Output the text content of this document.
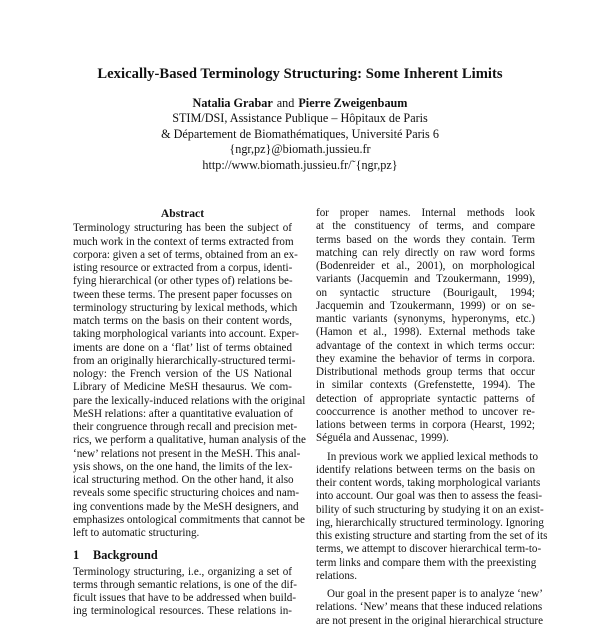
Lexically-Based Terminology Structuring: Some Inherent Limits
Natalia Grabar and Pierre Zweigenbaum
STIM/DSI, Assistance Publique – Hôpitaux de Paris
& Département de Biomathématiques, Université Paris 6
{ngr,pz}@biomath.jussieu.fr
http://www.biomath.jussieu.fr/˜{ngr,pz}
Abstract
Terminology structuring has been the subject of
much work in the context of terms extracted from
corpora: given a set of terms, obtained from an ex-
isting resource or extracted from a corpus, identi-
fying hierarchical (or other types of) relations be-
tween these terms. The present paper focusses on
terminology structuring by lexical methods, which
match terms on the basis on their content words,
taking morphological variants into account. Exper-
iments are done on a ‘flat’ list of terms obtained
from an originally hierarchically-structured termi-
nology: the French version of the US National
Library of Medicine MeSH thesaurus. We com-
pare the lexically-induced relations with the original
MeSH relations: after a quantitative evaluation of
their congruence through recall and precision met-
rics, we perform a qualitative, human analysis of the
‘new’ relations not present in the MeSH. This anal-
ysis shows, on the one hand, the limits of the lex-
ical structuring method. On the other hand, it also
reveals some specific structuring choices and nam-
ing conventions made by the MeSH designers, and
emphasizes ontological commitments that cannot be
left to automatic structuring.
1 Background
Terminology structuring, i.e., organizing a set of
terms through semantic relations, is one of the dif-
ficult issues that have to be addressed when build-
ing terminological resources. These relations in-
for proper names. Internal methods look
at the constituency of terms, and compare
terms based on the words they contain. Term
matching can rely directly on raw word forms
(Bodenreider et al., 2001), on morphological
variants (Jacquemin and Tzoukermann, 1999),
on syntactic structure (Bourigault, 1994;
Jacquemin and Tzoukermann, 1999) or on se-
mantic variants (synonyms, hyperonyms, etc.)
(Hamon et al., 1998). External methods take
advantage of the context in which terms occur:
they examine the behavior of terms in corpora.
Distributional methods group terms that occur
in similar contexts (Grefenstette, 1994). The
detection of appropriate syntactic patterns of
cooccurrence is another method to uncover re-
lations between terms in corpora (Hearst, 1992;
Séguéla and Aussenac, 1999).
In previous work we applied lexical methods to
identify relations between terms on the basis on
their content words, taking morphological variants
into account. Our goal was then to assess the feasi-
bility of such structuring by studying it on an exist-
ing, hierarchically structured terminology. Ignoring
this existing structure and starting from the set of its
terms, we attempt to discover hierarchical term-to-
term links and compare them with the preexisting
relations.
Our goal in the present paper is to analyze ‘new’
relations. ‘New’ means that these induced relations
are not present in the original hierarchical structure
